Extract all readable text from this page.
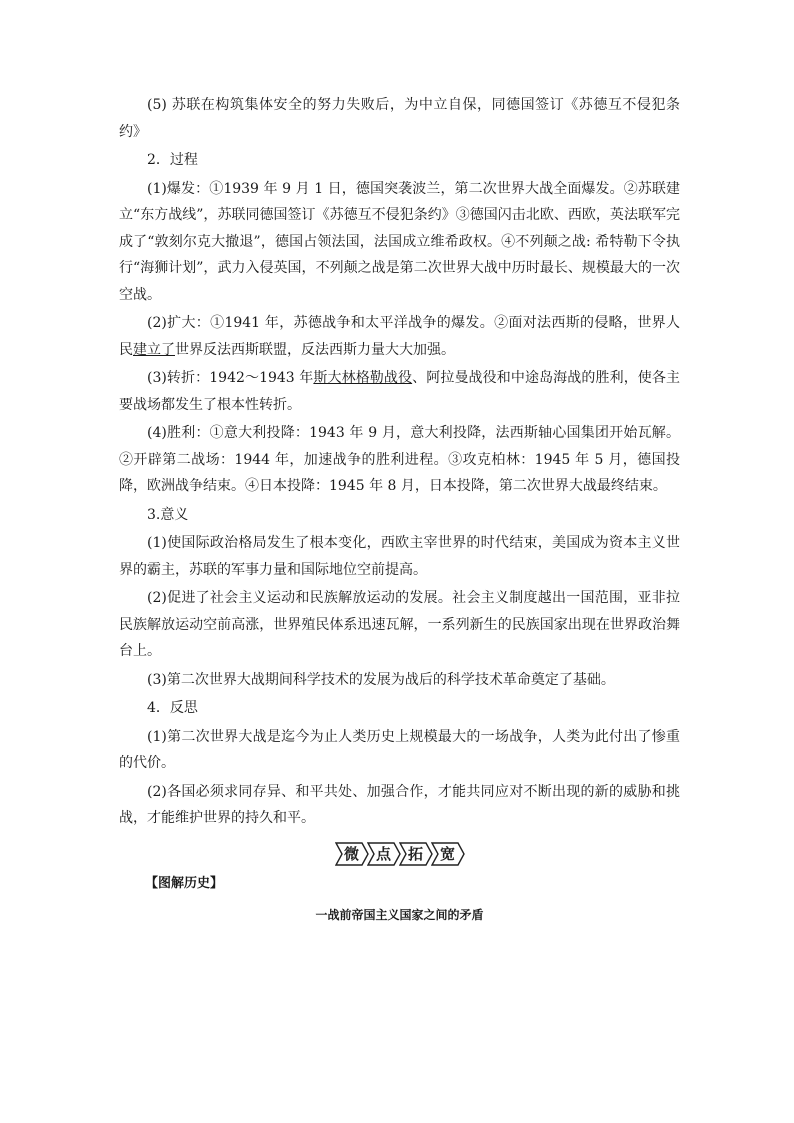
(5) 苏联在构筑集体安全的努力失败后，为中立自保，同德国签订《苏德互不侵犯条约》

2．过程

(1)爆发：①1939 年 9 月 1 日，德国突袭波兰，第二次世界大战全面爆发。②苏联建立“东方战线”，苏联同德国签订《苏德互不侵犯条约》③德国闪击北欧、西欧，英法联军完成了“敦刻尔克大撤退”，德国占领法国，法国成立维希政权。④不列颠之战: 希特勒下令执行“海狮计划”，武力入侵英国，不列颠之战是第二次世界大战中历时最长、规模最大的一次空战。

(2)扩大：①1941 年，苏德战争和太平洋战争的爆发。②面对法西斯的侵略，世界人民建立了世界反法西斯联盟，反法西斯力量大大加强。

(3)转折：1942～1943 年斯大林格勒战役、阿拉曼战役和中途岛海战的胜利，使各主要战场都发生了根本性转折。

(4)胜利：①意大利投降：1943 年 9 月，意大利投降，法西斯轴心国集团开始瓦解。②开辟第二战场：1944 年，加速战争的胜利进程。③攻克柏林：1945 年 5 月，德国投降，欧洲战争结束。④日本投降：1945 年 8 月，日本投降，第二次世界大战最终结束。

3.意义

(1)使国际政治格局发生了根本变化，西欧主宰世界的时代结束，美国成为资本主义世界的霸主，苏联的军事力量和国际地位空前提高。

(2)促进了社会主义运动和民族解放运动的发展。社会主义制度越出一国范围，亚非拉民族解放运动空前高涨，世界殖民体系迅速瓦解，一系列新生的民族国家出现在世界政治舞台上。

(3)第二次世界大战期间科学技术的发展为战后的科学技术革命奠定了基础。

4．反思

(1)第二次世界大战是迄今为止人类历史上规模最大的一场战争，人类为此付出了惨重的代价。

(2)各国必须求同存异、和平共处、加强合作，才能共同应对不断出现的新的威胁和挑战，才能维护世界的持久和平。

微	点	拓	宽
【图解历史】
一战前帝国主义国家之间的矛盾
